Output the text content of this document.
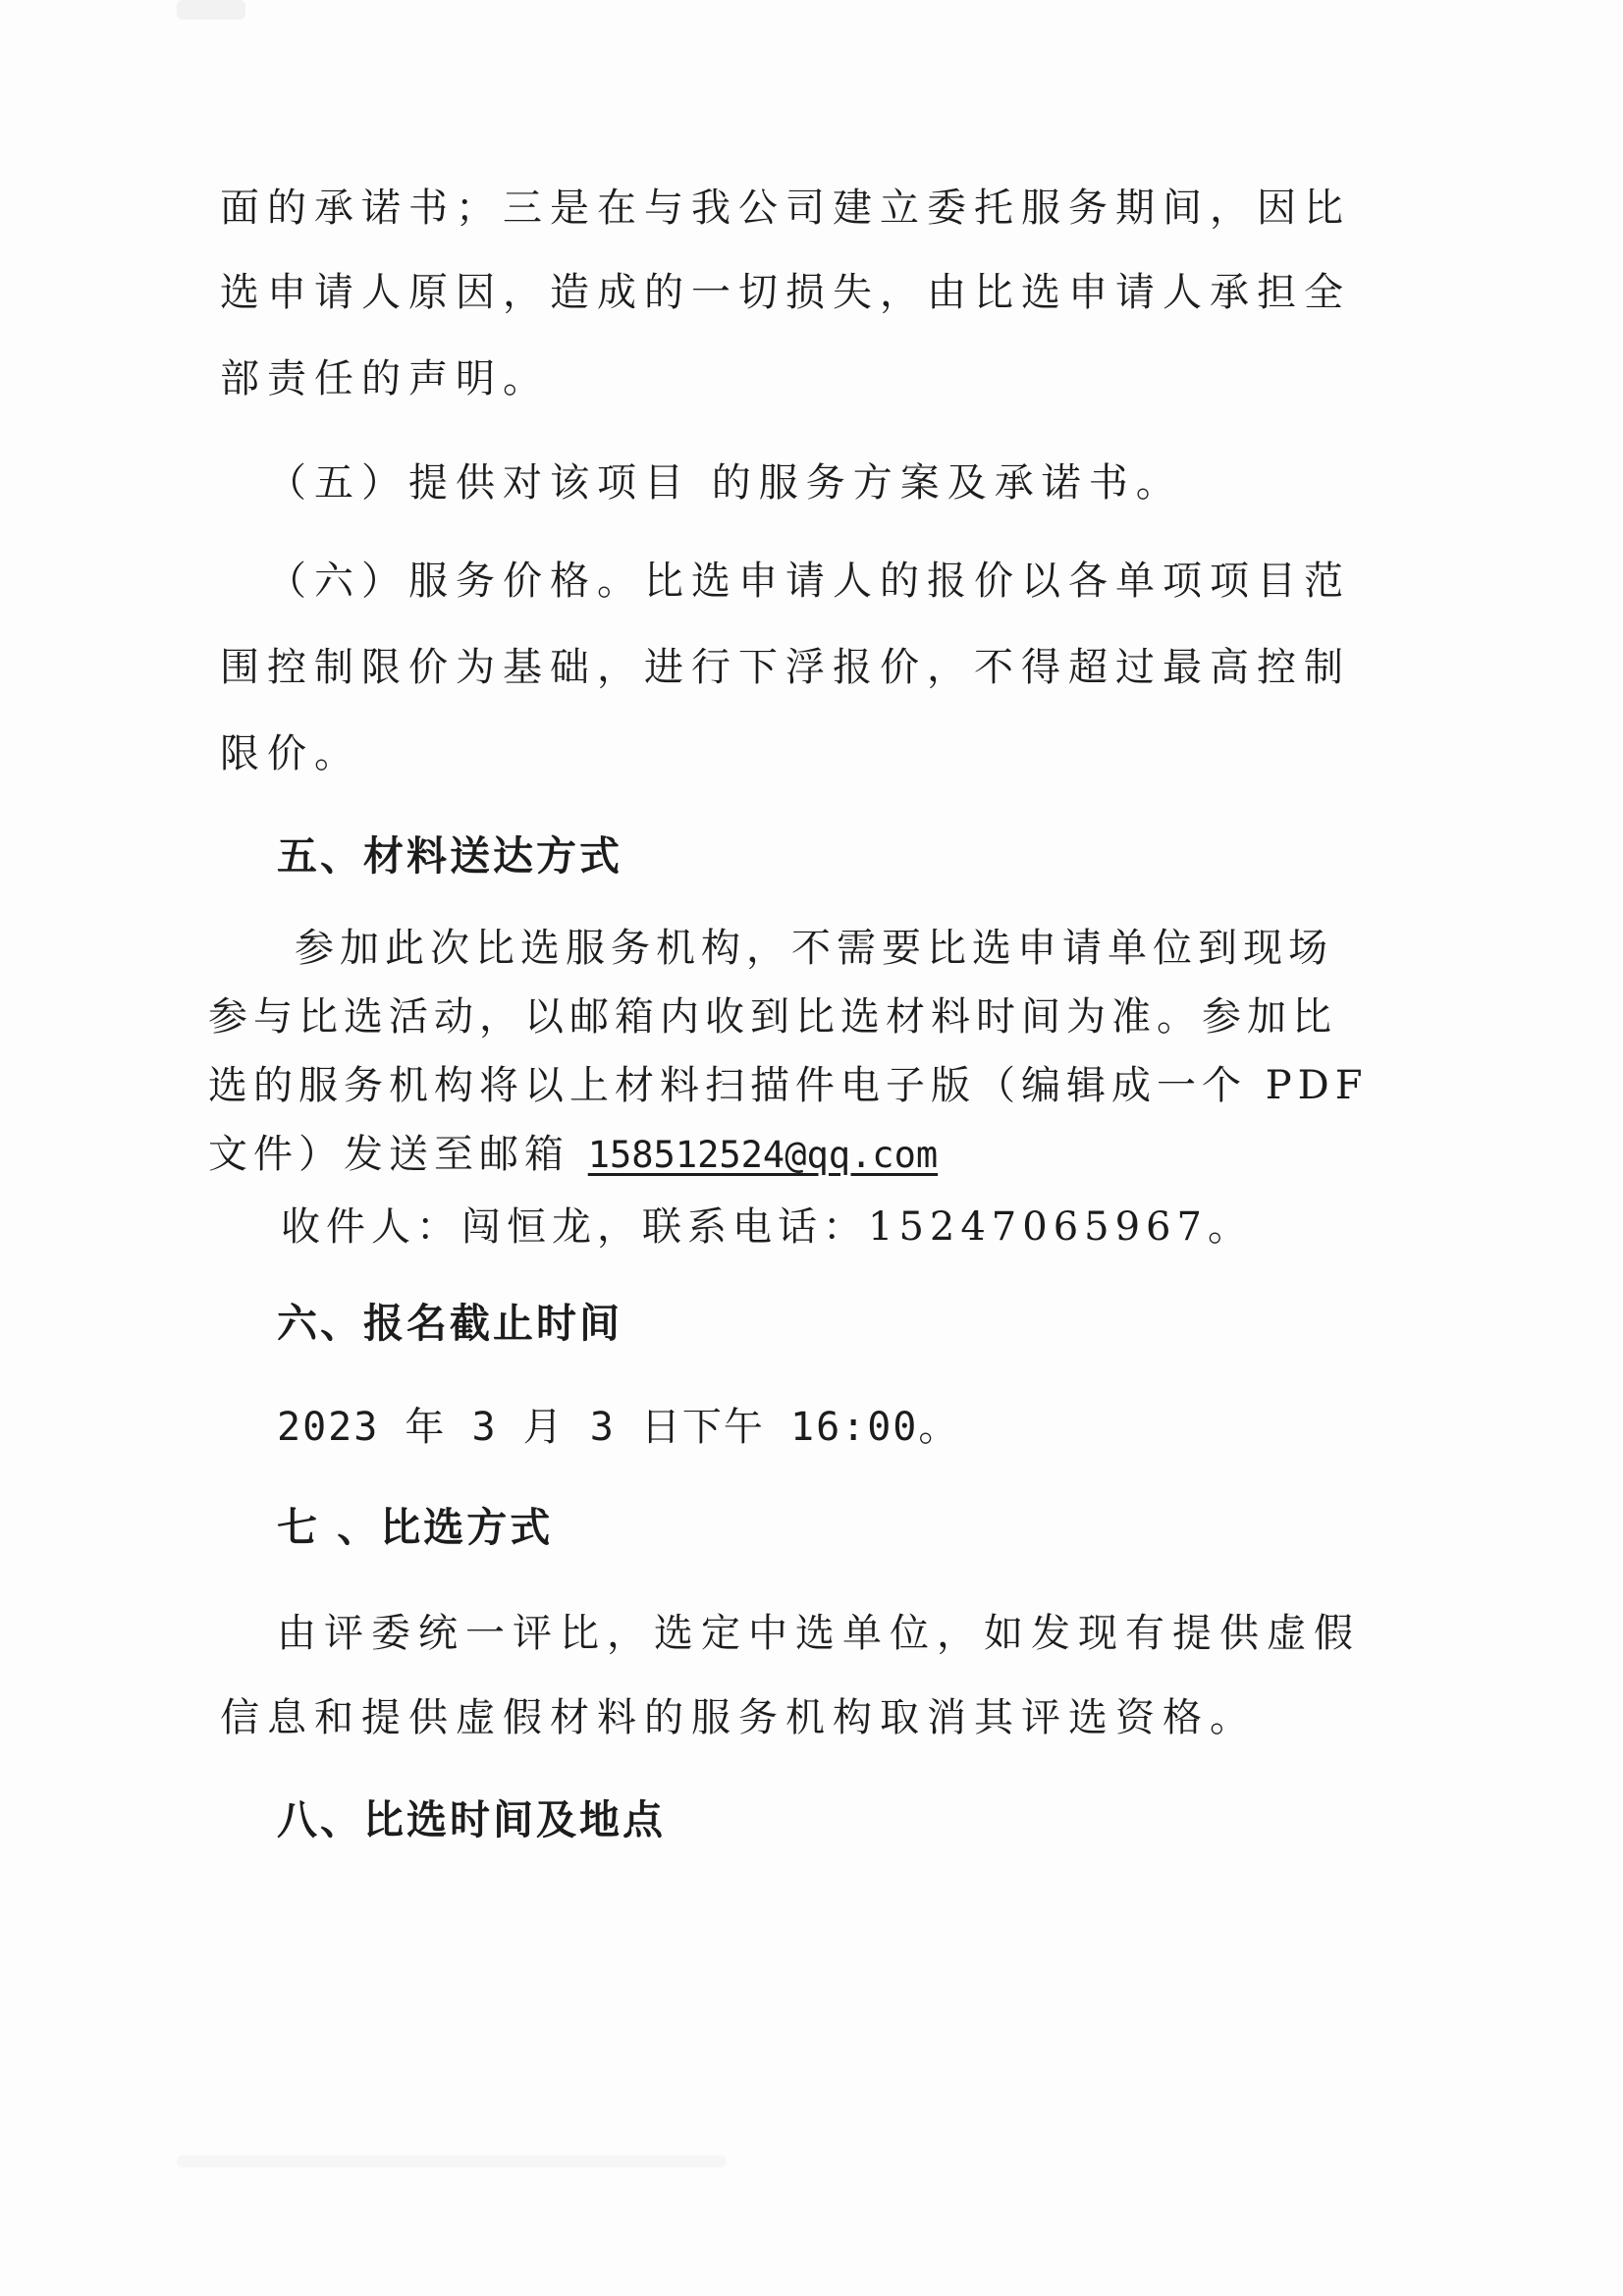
面的承诺书；三是在与我公司建立委托服务期间，因比
选申请人原因，造成的一切损失，由比选申请人承担全
部责任的声明。
（五）提供对该项目 的服务方案及承诺书。
（六）服务价格。比选申请人的报价以各单项项目范
围控制限价为基础，进行下浮报价，不得超过最高控制
限价。
五、材料送达方式
参加此次比选服务机构，不需要比选申请单位到现场
参与比选活动，以邮箱内收到比选材料时间为准。参加比
选的服务机构将以上材料扫描件电子版（编辑成一个 PDF
文件）发送至邮箱 158512524@qq.com
收件人：闯恒龙，联系电话：15247065967。
六、报名截止时间
2023 年 3 月 3 日下午 16:00。
七 、比选方式
由评委统一评比，选定中选单位，如发现有提供虚假
信息和提供虚假材料的服务机构取消其评选资格。
八、比选时间及地点
